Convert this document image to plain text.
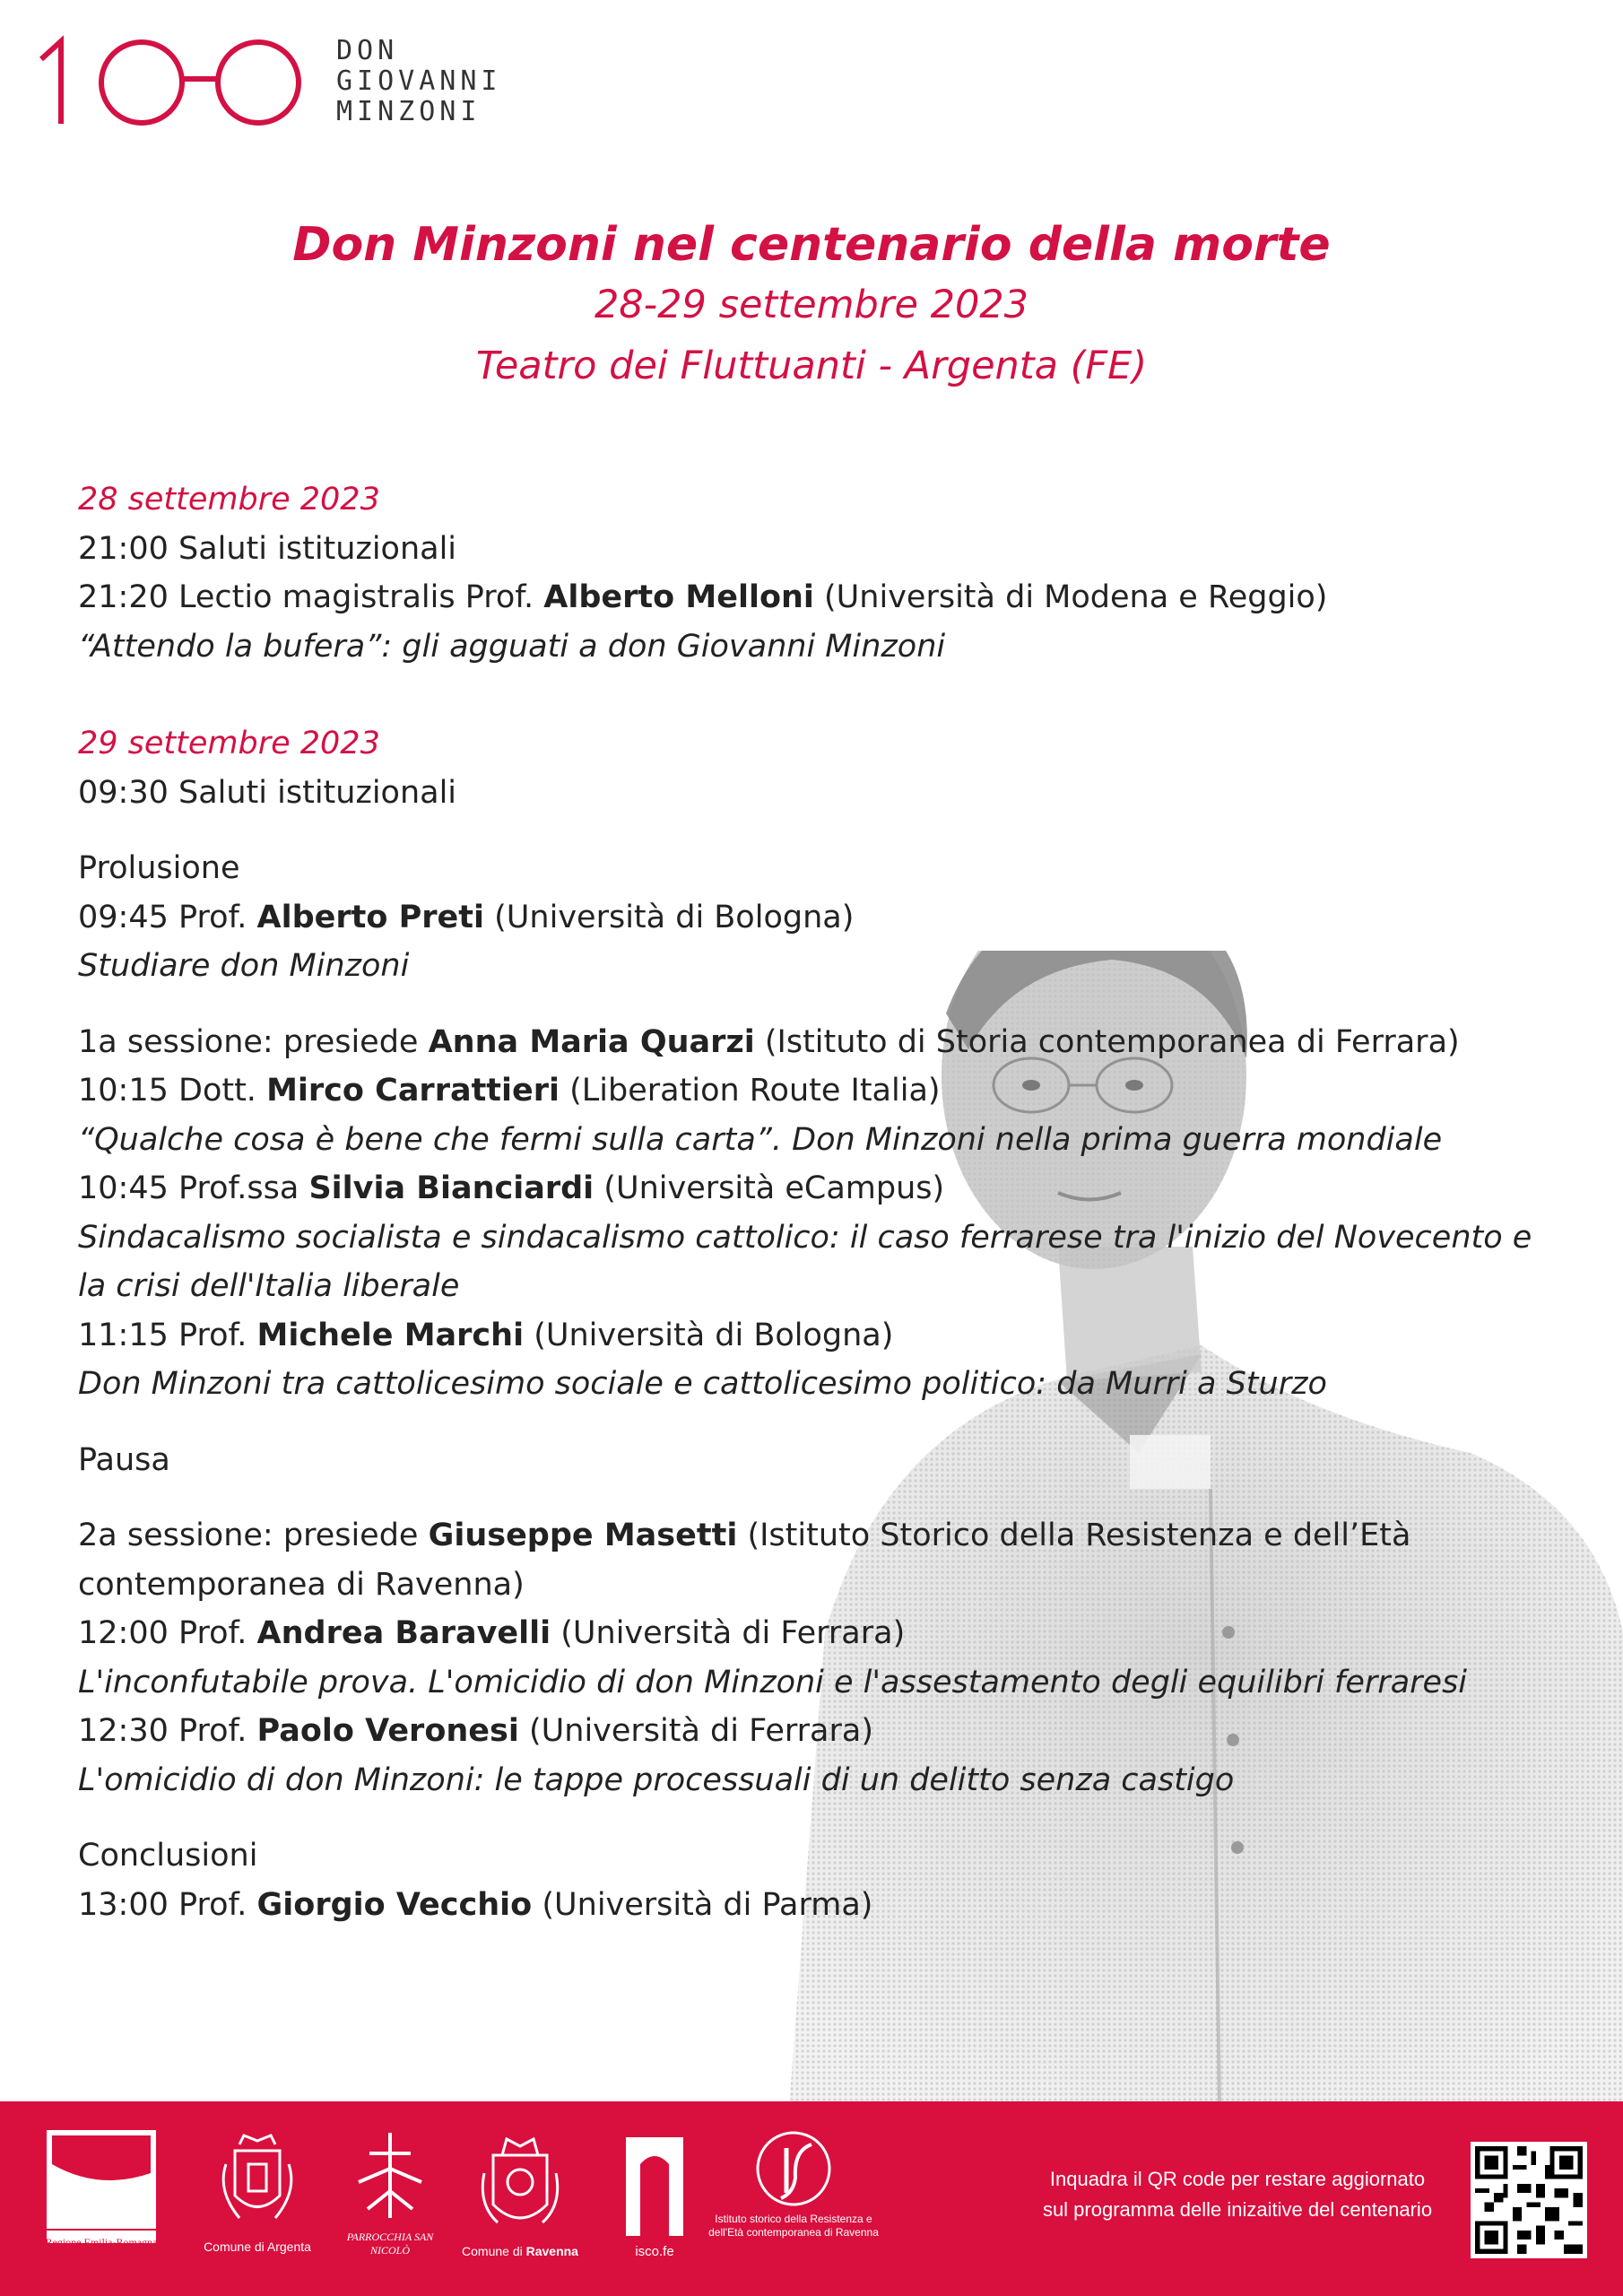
DON
GIOVANNI
MINZONI
Don Minzoni nel centenario della morte
28-29 settembre 2023
Teatro dei Fluttuanti - Argenta (FE)
28 settembre 2023
21:00 Saluti istituzionali
21:20 Lectio magistralis Prof. Alberto Melloni (Università di Modena e Reggio)
“Attendo la bufera”: gli agguati a don Giovanni Minzoni
29 settembre 2023
09:30 Saluti istituzionali
Prolusione
09:45 Prof. Alberto Preti (Università di Bologna)
Studiare don Minzoni
1a sessione: presiede Anna Maria Quarzi (Istituto di Storia contemporanea di Ferrara)
10:15 Dott. Mirco Carrattieri (Liberation Route Italia)
“Qualche cosa è bene che fermi sulla carta”. Don Minzoni nella prima guerra mondiale
10:45 Prof.ssa Silvia Bianciardi (Università eCampus)
Sindacalismo socialista e sindacalismo cattolico: il caso ferrarese tra l'inizio del Novecento e la crisi dell'Italia liberale
11:15 Prof. Michele Marchi (Università di Bologna)
Don Minzoni tra cattolicesimo sociale e cattolicesimo politico: da Murri a Sturzo
Pausa
2a sessione: presiede Giuseppe Masetti (Istituto Storico della Resistenza e dell’Età contemporanea di Ravenna)
12:00 Prof. Andrea Baravelli (Università di Ferrara)
L'inconfutabile prova. L'omicidio di don Minzoni e l'assestamento degli equilibri ferraresi
12:30 Prof. Paolo Veronesi (Università di Ferrara)
L'omicidio di don Minzoni: le tappe processuali di un delitto senza castigo
Conclusioni
13:00 Prof. Giorgio Vecchio (Università di Parma)
Regione Emilia-Romagna	Comune di Argenta
PARROCCHIA SAN NICOLÒ	Comune di Ravenna	isco.fe
Istituto storico della Resistenza e dell'Età contemporanea di Ravenna
Inquadra il QR code per restare aggiornato
sul programma delle inizaitive del centenario
